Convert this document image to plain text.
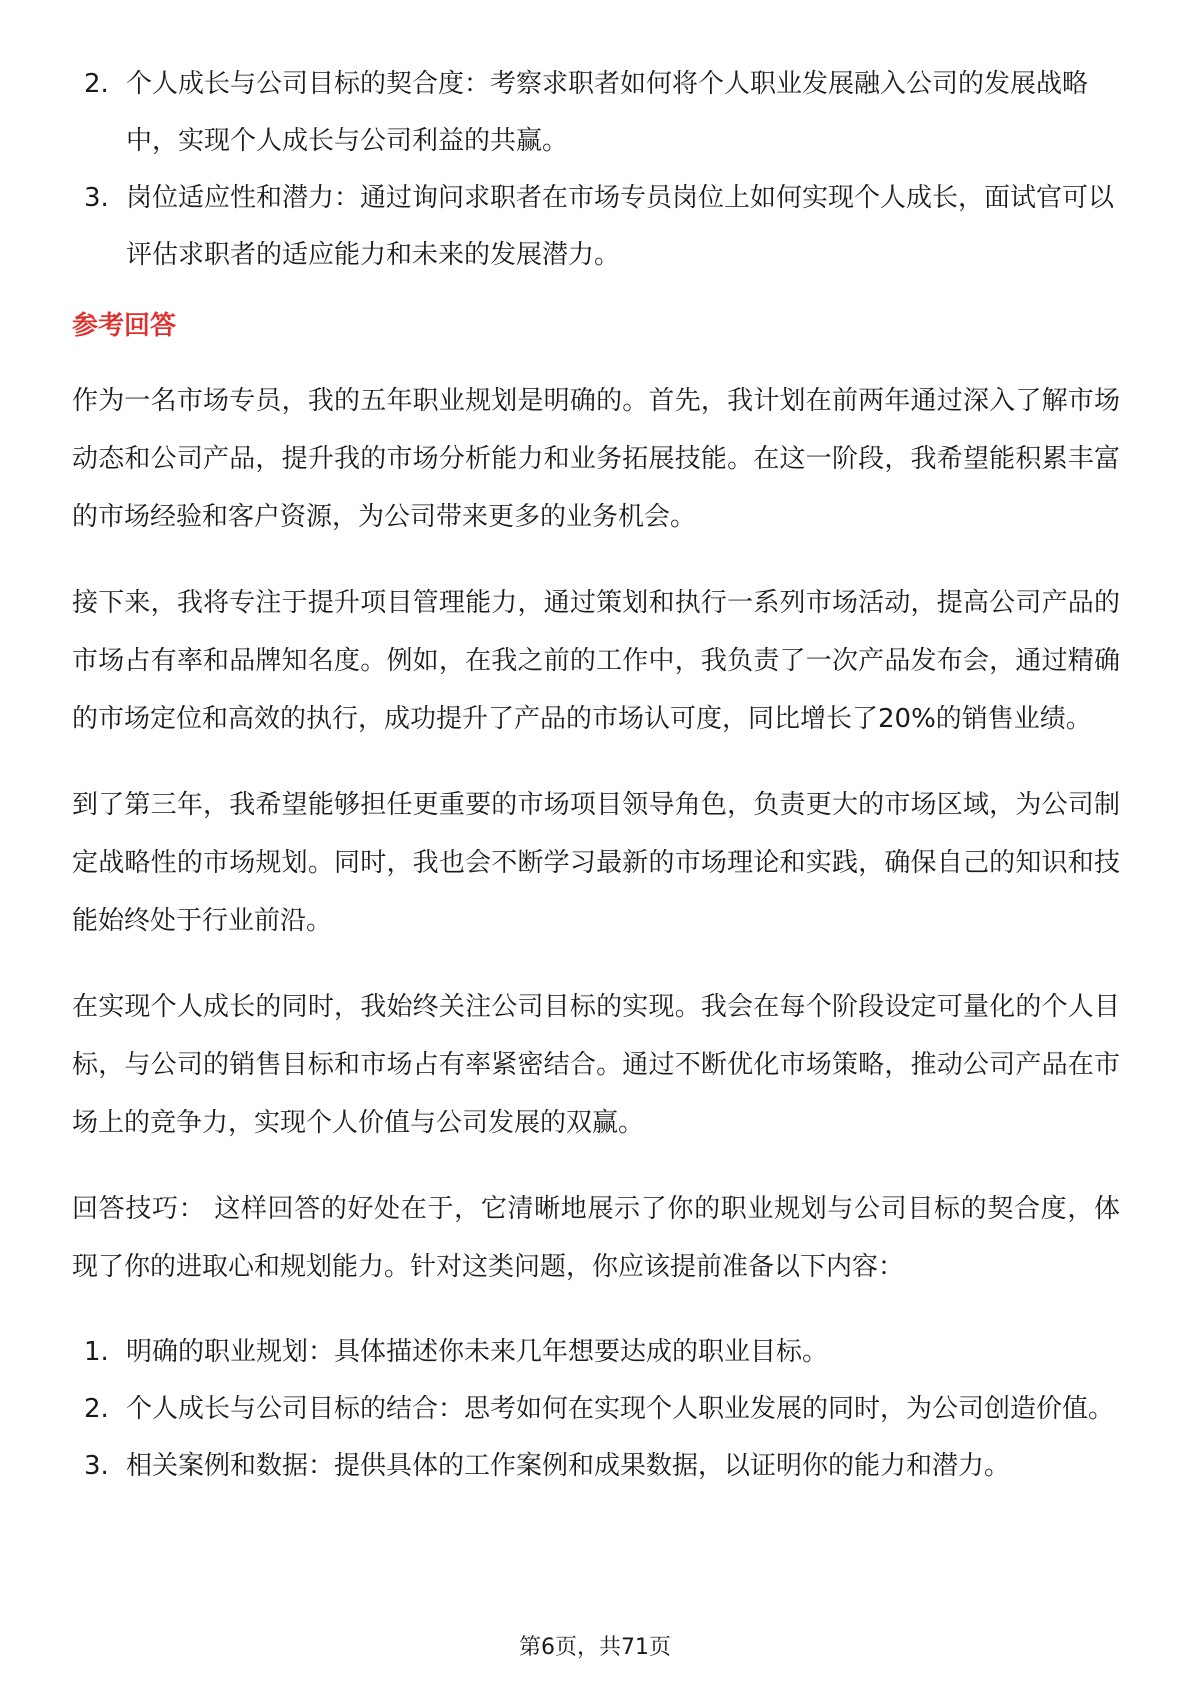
2. 个人成长与公司目标的契合度：考察求职者如何将个人职业发展融入公司的发展战略中，实现个人成长与公司利益的共赢。
3. 岗位适应性和潜力：通过询问求职者在市场专员岗位上如何实现个人成长，面试官可以评估求职者的适应能力和未来的发展潜力。
参考回答

作为一名市场专员，我的五年职业规划是明确的。首先，我计划在前两年通过深入了解市场动态和公司产品，提升我的市场分析能力和业务拓展技能。在这一阶段，我希望能积累丰富的市场经验和客户资源，为公司带来更多的业务机会。

接下来，我将专注于提升项目管理能力，通过策划和执行一系列市场活动，提高公司产品的市场占有率和品牌知名度。例如，在我之前的工作中，我负责了一次产品发布会，通过精确的市场定位和高效的执行，成功提升了产品的市场认可度，同比增长了20%的销售业绩。

到了第三年，我希望能够担任更重要的市场项目领导角色，负责更大的市场区域，为公司制定战略性的市场规划。同时，我也会不断学习最新的市场理论和实践，确保自己的知识和技能始终处于行业前沿。

在实现个人成长的同时，我始终关注公司目标的实现。我会在每个阶段设定可量化的个人目标，与公司的销售目标和市场占有率紧密结合。通过不断优化市场策略，推动公司产品在市场上的竞争力，实现个人价值与公司发展的双赢。

回答技巧： 这样回答的好处在于，它清晰地展示了你的职业规划与公司目标的契合度，体现了你的进取心和规划能力。针对这类问题，你应该提前准备以下内容：

1. 明确的职业规划：具体描述你未来几年想要达成的职业目标。
2. 个人成长与公司目标的结合：思考如何在实现个人职业发展的同时，为公司创造价值。
3. 相关案例和数据：提供具体的工作案例和成果数据，以证明你的能力和潜力。
第6页，共71页
